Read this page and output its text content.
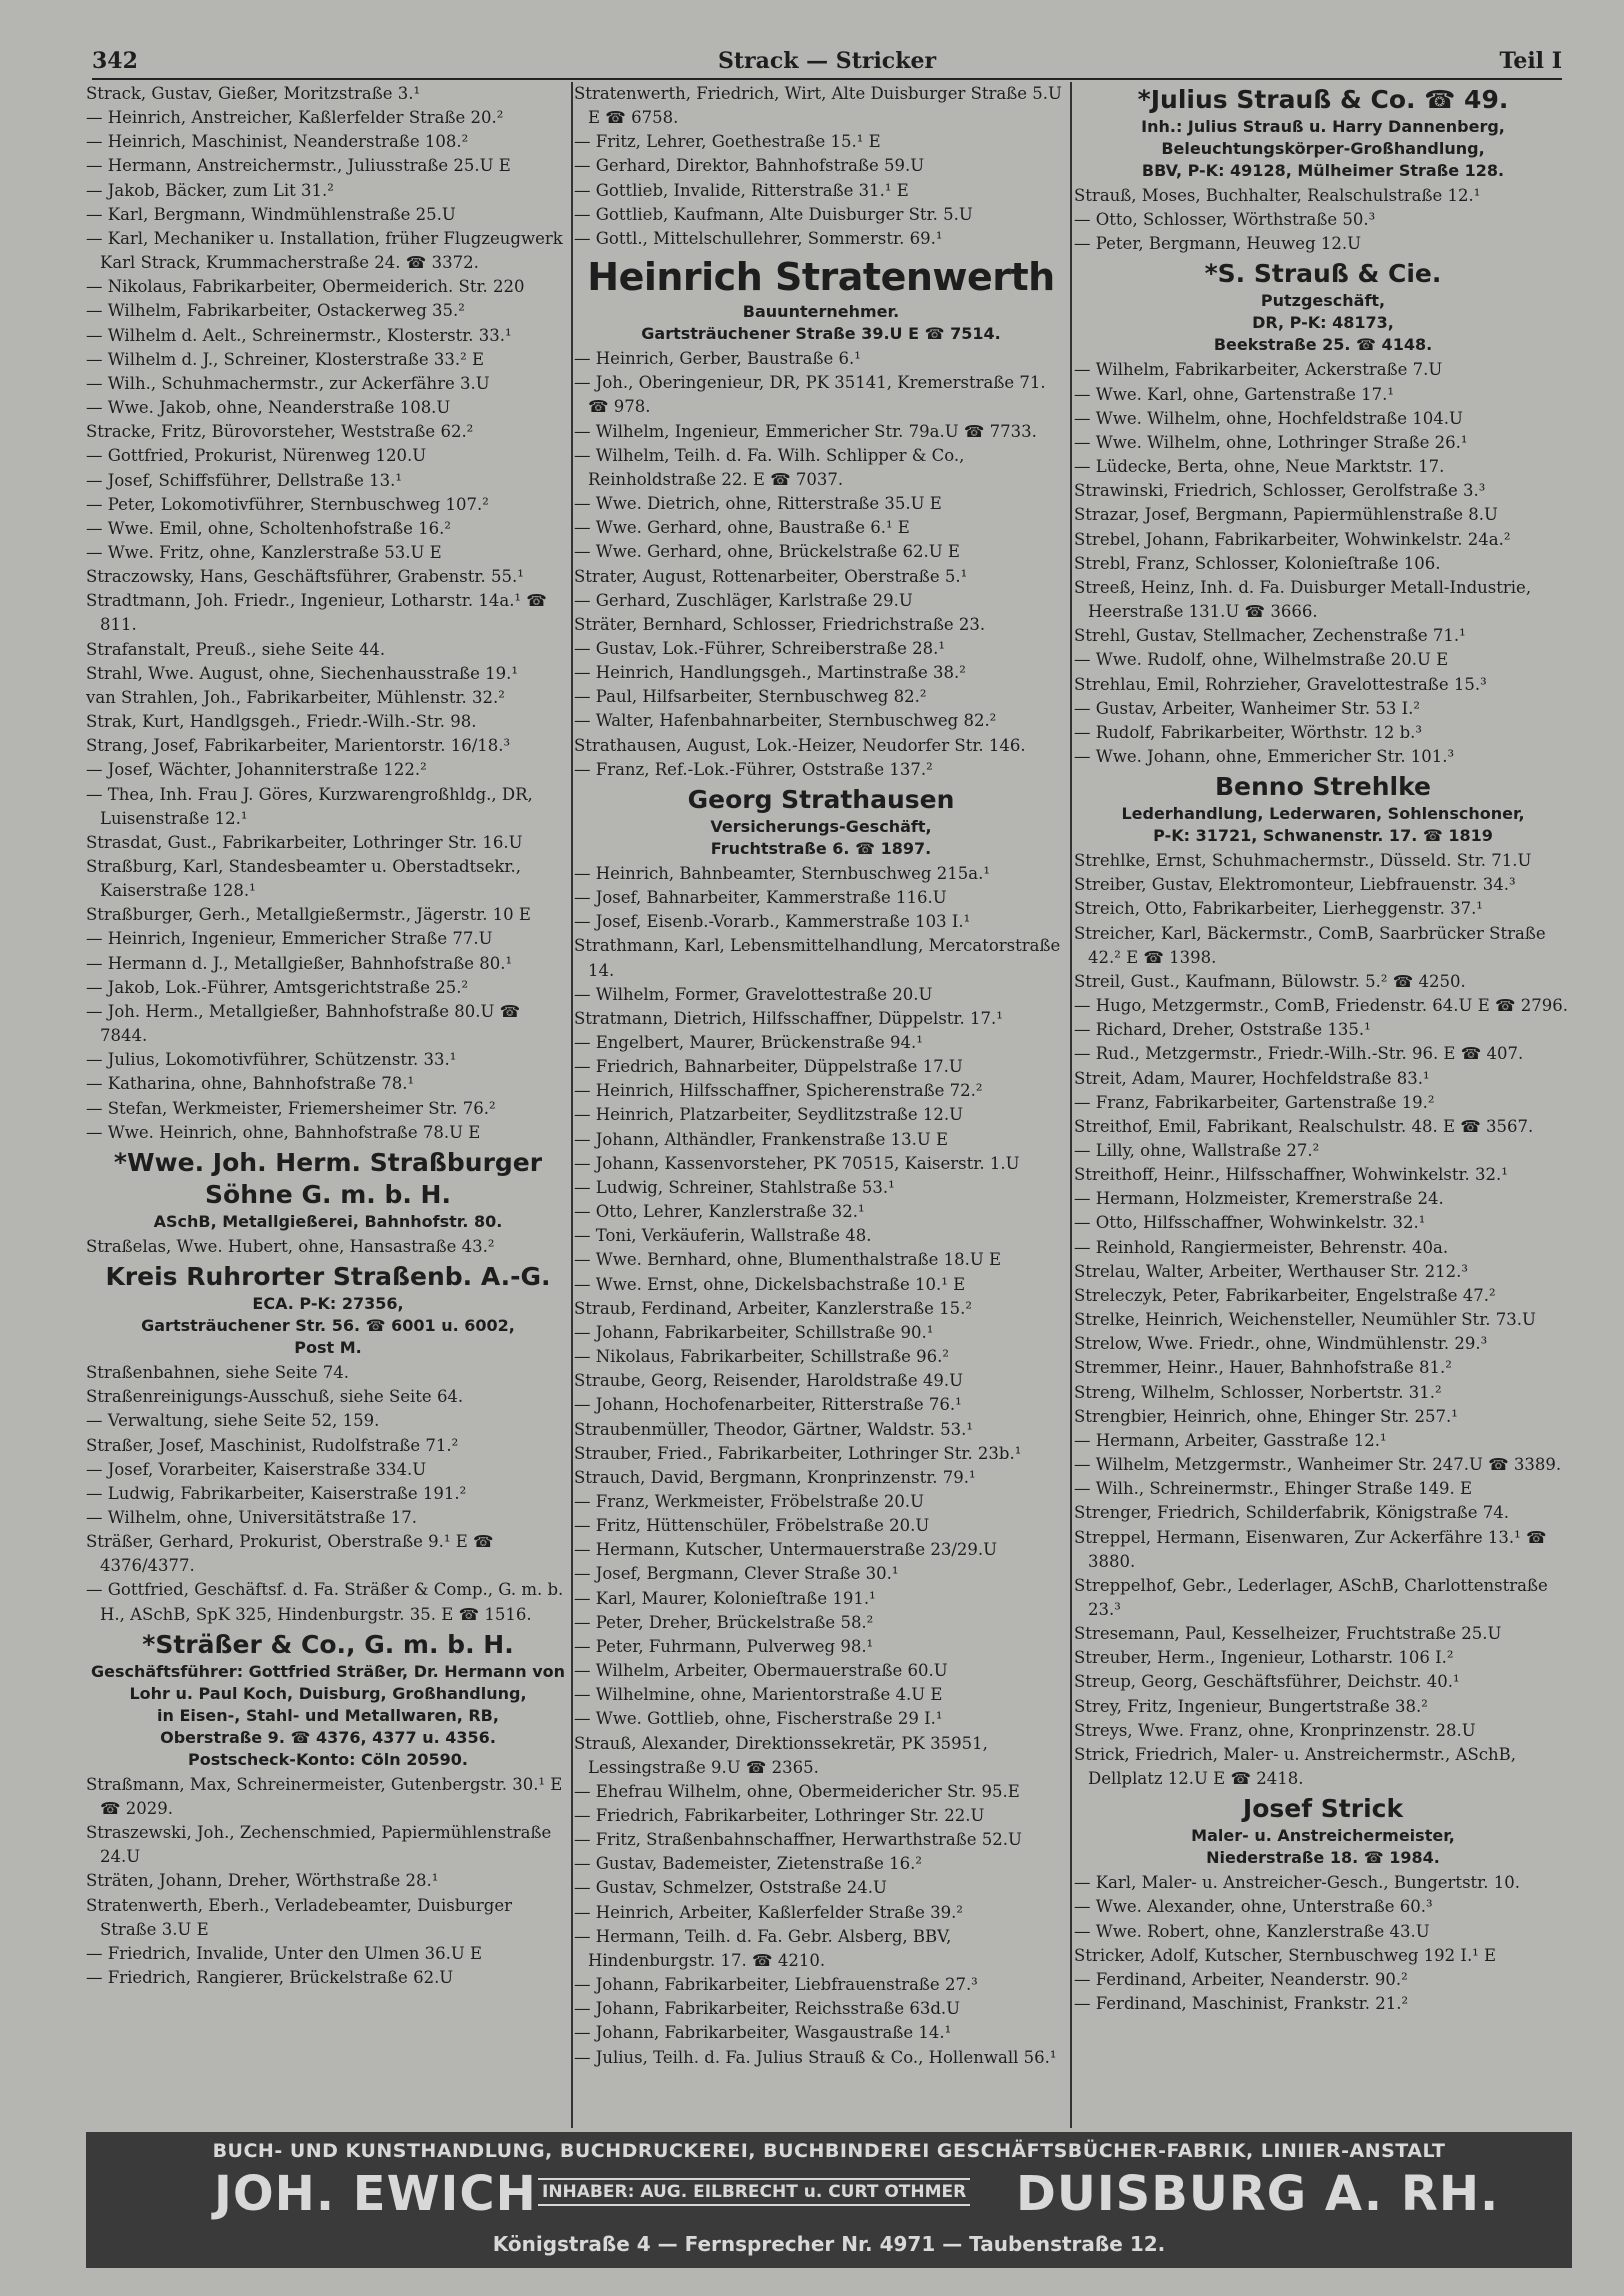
342	Strack — Stricker	Teil I

Strack, Gustav, Gießer, Moritzstraße 3.¹

— Heinrich, Anstreicher, Kaßlerfelder Straße 20.²

— Heinrich, Maschinist, Neanderstraße 108.²

— Hermann, Anstreichermstr., Juliusstraße 25.U E

— Jakob, Bäcker, zum Lit 31.²

— Karl, Bergmann, Windmühlenstraße 25.U

— Karl, Mechaniker u. Installation, früher Flugzeugwerk Karl Strack, Krummacherstraße 24. ☎ 3372.

— Nikolaus, Fabrikarbeiter, Obermeiderich. Str. 220

— Wilhelm, Fabrikarbeiter, Ostackerweg 35.²

— Wilhelm d. Aelt., Schreinermstr., Klosterstr. 33.¹

— Wilhelm d. J., Schreiner, Klosterstraße 33.² E

— Wilh., Schuhmachermstr., zur Ackerfähre 3.U

— Wwe. Jakob, ohne, Neanderstraße 108.U

Stracke, Fritz, Bürovorsteher, Weststraße 62.²

— Gottfried, Prokurist, Nürenweg 120.U

— Josef, Schiffsführer, Dellstraße 13.¹

— Peter, Lokomotivführer, Sternbuschweg 107.²

— Wwe. Emil, ohne, Scholtenhofstraße 16.²

— Wwe. Fritz, ohne, Kanzlerstraße 53.U E

Straczowsky, Hans, Geschäftsführer, Grabenstr. 55.¹

Stradtmann, Joh. Friedr., Ingenieur, Lotharstr. 14a.¹ ☎ 811.

Strafanstalt, Preuß., siehe Seite 44.

Strahl, Wwe. August, ohne, Siechenhausstraße 19.¹

van Strahlen, Joh., Fabrikarbeiter, Mühlenstr. 32.²

Strak, Kurt, Handlgsgeh., Friedr.-Wilh.-Str. 98.

Strang, Josef, Fabrikarbeiter, Marientorstr. 16/18.³

— Josef, Wächter, Johanniterstraße 122.²

— Thea, Inh. Frau J. Göres, Kurzwarengroßhldg., DR, Luisenstraße 12.¹

Strasdat, Gust., Fabrikarbeiter, Lothringer Str. 16.U

Straßburg, Karl, Standesbeamter u. Oberstadtsekr., Kaiserstraße 128.¹

Straßburger, Gerh., Metallgießermstr., Jägerstr. 10 E

— Heinrich, Ingenieur, Emmericher Straße 77.U

— Hermann d. J., Metallgießer, Bahnhofstraße 80.¹

— Jakob, Lok.-Führer, Amtsgerichtstraße 25.²

— Joh. Herm., Metallgießer, Bahnhofstraße 80.U ☎ 7844.

— Julius, Lokomotivführer, Schützenstr. 33.¹

— Katharina, ohne, Bahnhofstraße 78.¹

— Stefan, Werkmeister, Friemersheimer Str. 76.²

— Wwe. Heinrich, ohne, Bahnhofstraße 78.U E

*Wwe. Joh. Herm. Straßburger Söhne G. m. b. H.
ASchB, Metallgießerei, Bahnhofstr. 80.

Straßelas, Wwe. Hubert, ohne, Hansastraße 43.²

Kreis Ruhrorter Straßenb. A.-G.
ECA. P-K: 27356,
Gartsträuchener Str. 56. ☎ 6001 u. 6002,
Post M.

Straßenbahnen, siehe Seite 74.

Straßenreinigungs-Ausschuß, siehe Seite 64.

— Verwaltung, siehe Seite 52, 159.

Straßer, Josef, Maschinist, Rudolfstraße 71.²

— Josef, Vorarbeiter, Kaiserstraße 334.U

— Ludwig, Fabrikarbeiter, Kaiserstraße 191.²

— Wilhelm, ohne, Universitätstraße 17.

Sträßer, Gerhard, Prokurist, Oberstraße 9.¹ E ☎ 4376/4377.

— Gottfried, Geschäftsf. d. Fa. Sträßer & Comp., G. m. b. H., ASchB, SpK 325, Hindenburgstr. 35. E ☎ 1516.

*Sträßer & Co., G. m. b. H.
Geschäftsführer: Gottfried Sträßer, Dr. Hermann von Lohr u. Paul Koch, Duisburg, Großhandlung,
in Eisen-, Stahl- und Metallwaren, RB,
Oberstraße 9. ☎ 4376, 4377 u. 4356.
Postscheck-Konto: Cöln 20590.

Straßmann, Max, Schreinermeister, Gutenbergstr. 30.¹ E ☎ 2029.

Straszewski, Joh., Zechenschmied, Papiermühlenstraße 24.U

Sträten, Johann, Dreher, Wörthstraße 28.¹

Stratenwerth, Eberh., Verladebeamter, Duisburger Straße 3.U E

— Friedrich, Invalide, Unter den Ulmen 36.U E

— Friedrich, Rangierer, Brückelstraße 62.U

Stratenwerth, Friedrich, Wirt, Alte Duisburger Straße 5.U E ☎ 6758.

— Fritz, Lehrer, Goethestraße 15.¹ E

— Gerhard, Direktor, Bahnhofstraße 59.U

— Gottlieb, Invalide, Ritterstraße 31.¹ E

— Gottlieb, Kaufmann, Alte Duisburger Str. 5.U

— Gottl., Mittelschullehrer, Sommerstr. 69.¹

Heinrich Stratenwerth
Bauunternehmer.
Gartsträuchener Straße 39.U E ☎ 7514.

— Heinrich, Gerber, Baustraße 6.¹

— Joh., Oberingenieur, DR, PK 35141, Kremerstraße 71. ☎ 978.

— Wilhelm, Ingenieur, Emmericher Str. 79a.U ☎ 7733.

— Wilhelm, Teilh. d. Fa. Wilh. Schlipper & Co., Reinholdstraße 22. E ☎ 7037.

— Wwe. Dietrich, ohne, Ritterstraße 35.U E

— Wwe. Gerhard, ohne, Baustraße 6.¹ E

— Wwe. Gerhard, ohne, Brückelstraße 62.U E

Strater, August, Rottenarbeiter, Oberstraße 5.¹

— Gerhard, Zuschläger, Karlstraße 29.U

Sträter, Bernhard, Schlosser, Friedrichstraße 23.

— Gustav, Lok.-Führer, Schreiberstraße 28.¹

— Heinrich, Handlungsgeh., Martinstraße 38.²

— Paul, Hilfsarbeiter, Sternbuschweg 82.²

— Walter, Hafenbahnarbeiter, Sternbuschweg 82.²

Strathausen, August, Lok.-Heizer, Neudorfer Str. 146.

— Franz, Ref.-Lok.-Führer, Oststraße 137.²

Georg Strathausen
Versicherungs-Geschäft,
Fruchtstraße 6. ☎ 1897.

— Heinrich, Bahnbeamter, Sternbuschweg 215a.¹

— Josef, Bahnarbeiter, Kammerstraße 116.U

— Josef, Eisenb.-Vorarb., Kammerstraße 103 I.¹

Strathmann, Karl, Lebensmittelhandlung, Mercatorstraße 14.

— Wilhelm, Former, Gravelottestraße 20.U

Stratmann, Dietrich, Hilfsschaffner, Düppelstr. 17.¹

— Engelbert, Maurer, Brückenstraße 94.¹

— Friedrich, Bahnarbeiter, Düppelstraße 17.U

— Heinrich, Hilfsschaffner, Spicherenstraße 72.²

— Heinrich, Platzarbeiter, Seydlitzstraße 12.U

— Johann, Althändler, Frankenstraße 13.U E

— Johann, Kassenvorsteher, PK 70515, Kaiserstr. 1.U

— Ludwig, Schreiner, Stahlstraße 53.¹

— Otto, Lehrer, Kanzlerstraße 32.¹

— Toni, Verkäuferin, Wallstraße 48.

— Wwe. Bernhard, ohne, Blumenthalstraße 18.U E

— Wwe. Ernst, ohne, Dickelsbachstraße 10.¹ E

Straub, Ferdinand, Arbeiter, Kanzlerstraße 15.²

— Johann, Fabrikarbeiter, Schillstraße 90.¹

— Nikolaus, Fabrikarbeiter, Schillstraße 96.²

Straube, Georg, Reisender, Haroldstraße 49.U

— Johann, Hochofenarbeiter, Ritterstraße 76.¹

Straubenmüller, Theodor, Gärtner, Waldstr. 53.¹

Strauber, Fried., Fabrikarbeiter, Lothringer Str. 23b.¹

Strauch, David, Bergmann, Kronprinzenstr. 79.¹

— Franz, Werkmeister, Fröbelstraße 20.U

— Fritz, Hüttenschüler, Fröbelstraße 20.U

— Hermann, Kutscher, Untermauerstraße 23/29.U

— Josef, Bergmann, Clever Straße 30.¹

— Karl, Maurer, Kolonieſtraße 191.¹

— Peter, Dreher, Brückelstraße 58.²

— Peter, Fuhrmann, Pulverweg 98.¹

— Wilhelm, Arbeiter, Obermauerstraße 60.U

— Wilhelmine, ohne, Marientorstraße 4.U E

— Wwe. Gottlieb, ohne, Fischerstraße 29 I.¹

Strauß, Alexander, Direktionssekretär, PK 35951, Lessingstraße 9.U ☎ 2365.

— Ehefrau Wilhelm, ohne, Obermeidericher Str. 95.E

— Friedrich, Fabrikarbeiter, Lothringer Str. 22.U

— Fritz, Straßenbahnschaffner, Herwarthstraße 52.U

— Gustav, Bademeister, Zietenstraße 16.²

— Gustav, Schmelzer, Oststraße 24.U

— Heinrich, Arbeiter, Kaßlerfelder Straße 39.²

— Hermann, Teilh. d. Fa. Gebr. Alsberg, BBV, Hindenburgstr. 17. ☎ 4210.

— Johann, Fabrikarbeiter, Liebfrauenstraße 27.³

— Johann, Fabrikarbeiter, Reichsstraße 63d.U

— Johann, Fabrikarbeiter, Wasgaustraße 14.¹

— Julius, Teilh. d. Fa. Julius Strauß & Co., Hollenwall 56.¹

*Julius Strauß & Co. ☎ 49.
Inh.: Julius Strauß u. Harry Dannenberg,
Beleuchtungskörper-Großhandlung,
BBV, P-K: 49128, Mülheimer Straße 128.

Strauß, Moses, Buchhalter, Realschulstraße 12.¹

— Otto, Schlosser, Wörthstraße 50.³

— Peter, Bergmann, Heuweg 12.U

*S. Strauß & Cie.
Putzgeschäft,
DR, P-K: 48173,
Beekstraße 25. ☎ 4148.

— Wilhelm, Fabrikarbeiter, Ackerstraße 7.U

— Wwe. Karl, ohne, Gartenstraße 17.¹

— Wwe. Wilhelm, ohne, Hochfeldstraße 104.U

— Wwe. Wilhelm, ohne, Lothringer Straße 26.¹

— Lüdecke, Berta, ohne, Neue Marktstr. 17.

Strawinski, Friedrich, Schlosser, Gerolfstraße 3.³

Strazar, Josef, Bergmann, Papiermühlenstraße 8.U

Strebel, Johann, Fabrikarbeiter, Wohwinkelstr. 24a.²

Strebl, Franz, Schlosser, Kolonieſtraße 106.

Streeß, Heinz, Inh. d. Fa. Duisburger Metall-Industrie, Heerstraße 131.U ☎ 3666.

Strehl, Gustav, Stellmacher, Zechenstraße 71.¹

— Wwe. Rudolf, ohne, Wilhelmstraße 20.U E

Strehlau, Emil, Rohrzieher, Gravelottestraße 15.³

— Gustav, Arbeiter, Wanheimer Str. 53 I.²

— Rudolf, Fabrikarbeiter, Wörthstr. 12 b.³

— Wwe. Johann, ohne, Emmericher Str. 101.³

Benno Strehlke
Lederhandlung, Lederwaren, Sohlenschoner,
P-K: 31721, Schwanenstr. 17. ☎ 1819

Strehlke, Ernst, Schuhmachermstr., Düsseld. Str. 71.U

Streiber, Gustav, Elektromonteur, Liebfrauenstr. 34.³

Streich, Otto, Fabrikarbeiter, Lierheggenstr. 37.¹

Streicher, Karl, Bäckermstr., ComB, Saarbrücker Straße 42.² E ☎ 1398.

Streil, Gust., Kaufmann, Bülowstr. 5.² ☎ 4250.

— Hugo, Metzgermstr., ComB, Friedenstr. 64.U E ☎ 2796.

— Richard, Dreher, Oststraße 135.¹

— Rud., Metzgermstr., Friedr.-Wilh.-Str. 96. E ☎ 407.

Streit, Adam, Maurer, Hochfeldstraße 83.¹

— Franz, Fabrikarbeiter, Gartenstraße 19.²

Streithof, Emil, Fabrikant, Realschulstr. 48. E ☎ 3567.

— Lilly, ohne, Wallstraße 27.²

Streithoff, Heinr., Hilfsschaffner, Wohwinkelstr. 32.¹

— Hermann, Holzmeister, Kremerstraße 24.

— Otto, Hilfsschaffner, Wohwinkelstr. 32.¹

— Reinhold, Rangiermeister, Behrenstr. 40a.

Strelau, Walter, Arbeiter, Werthauser Str. 212.³

Streleczyk, Peter, Fabrikarbeiter, Engelstraße 47.²

Strelke, Heinrich, Weichensteller, Neumühler Str. 73.U

Strelow, Wwe. Friedr., ohne, Windmühlenstr. 29.³

Stremmer, Heinr., Hauer, Bahnhofstraße 81.²

Streng, Wilhelm, Schlosser, Norbertstr. 31.²

Strengbier, Heinrich, ohne, Ehinger Str. 257.¹

— Hermann, Arbeiter, Gasstraße 12.¹

— Wilhelm, Metzgermstr., Wanheimer Str. 247.U ☎ 3389.

— Wilh., Schreinermstr., Ehinger Straße 149. E

Strenger, Friedrich, Schilderfabrik, Königstraße 74.

Streppel, Hermann, Eisenwaren, Zur Ackerfähre 13.¹ ☎ 3880.

Streppelhof, Gebr., Lederlager, ASchB, Charlottenstraße 23.³

Stresemann, Paul, Kesselheizer, Fruchtstraße 25.U

Streuber, Herm., Ingenieur, Lotharstr. 106 I.²

Streup, Georg, Geschäftsführer, Deichstr. 40.¹

Strey, Fritz, Ingenieur, Bungertstraße 38.²

Streys, Wwe. Franz, ohne, Kronprinzenstr. 28.U

Strick, Friedrich, Maler- u. Anstreichermstr., ASchB, Dellplatz 12.U E ☎ 2418.

Josef Strick
Maler- u. Anstreichermeister,
Niederstraße 18. ☎ 1984.

— Karl, Maler- u. Anstreicher-Gesch., Bungertstr. 10.

— Wwe. Alexander, ohne, Unterstraße 60.³

— Wwe. Robert, ohne, Kanzlerstraße 43.U

Stricker, Adolf, Kutscher, Sternbuschweg 192 I.¹ E

— Ferdinand, Arbeiter, Neanderstr. 90.²

— Ferdinand, Maschinist, Frankstr. 21.²

BUCH- UND KUNSTHANDLUNG, BUCHDRUCKEREI, BUCHBINDEREI GESCHÄFTSBÜCHER-FABRIK, LINIIER-ANSTALT
JOH. EWICH INHABER: AUG. EILBRECHT u. CURT OTHMER DUISBURG A. RH.
Königstraße 4 — Fernsprecher Nr. 4971 — Taubenstraße 12.
